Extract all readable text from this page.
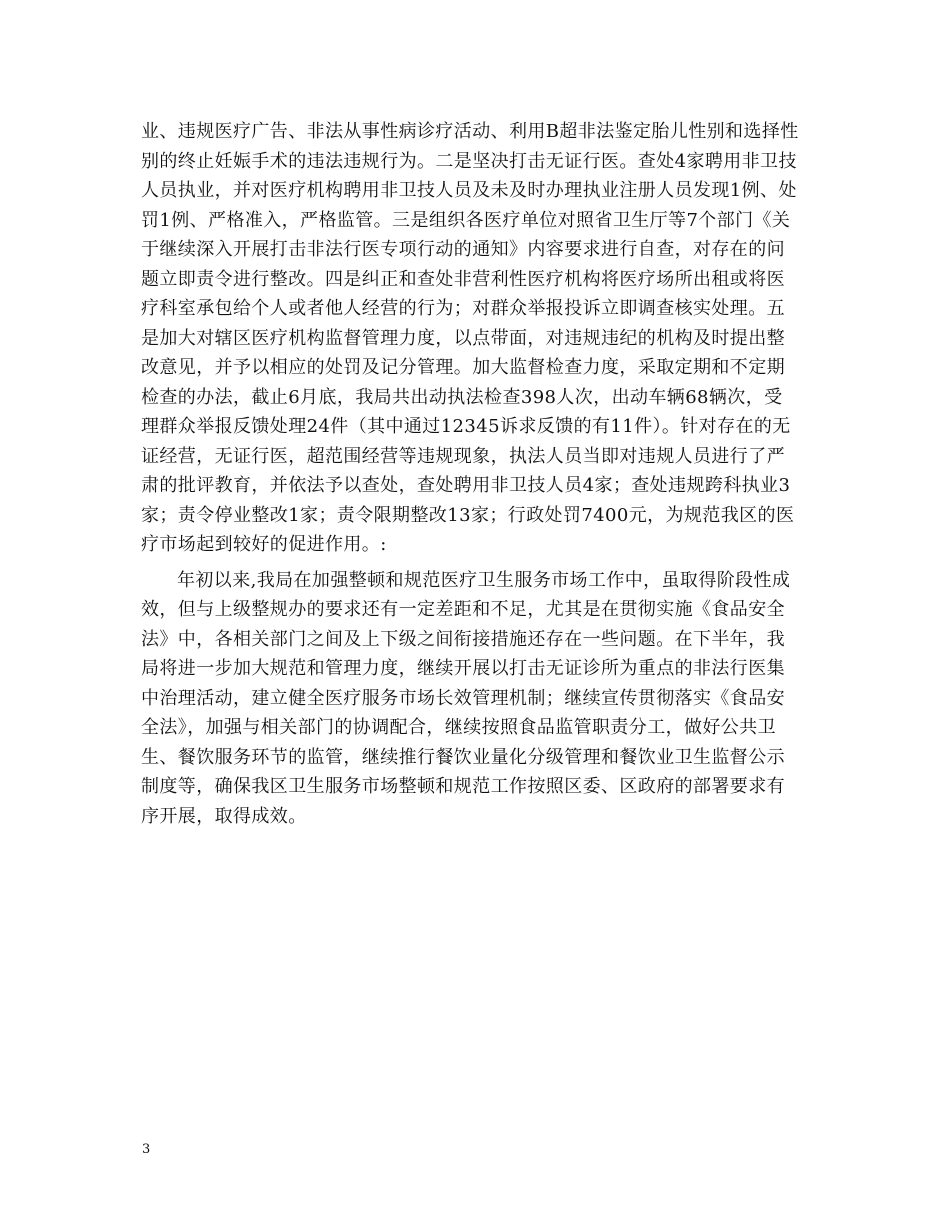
业、违规医疗广告、非法从事性病诊疗活动、利用B超非法鉴定胎儿性别和选择性
别的终止妊娠手术的违法违规行为。二是坚决打击无证行医。查处4家聘用非卫技
人员执业，并对医疗机构聘用非卫技人员及未及时办理执业注册人员发现1例、处
罚1例、严格准入，严格监管。三是组织各医疗单位对照省卫生厅等7个部门《关
于继续深入开展打击非法行医专项行动的通知》内容要求进行自查，对存在的问
题立即责令进行整改。四是纠正和查处非营利性医疗机构将医疗场所出租或将医
疗科室承包给个人或者他人经营的行为；对群众举报投诉立即调查核实处理。五
是加大对辖区医疗机构监督管理力度，以点带面，对违规违纪的机构及时提出整
改意见，并予以相应的处罚及记分管理。加大监督检查力度，采取定期和不定期
检查的办法，截止6月底，我局共出动执法检查398人次，出动车辆68辆次，受
理群众举报反馈处理24件（其中通过12345诉求反馈的有11件）。针对存在的无
证经营，无证行医，超范围经营等违规现象，执法人员当即对违规人员进行了严
肃的批评教育，并依法予以查处，查处聘用非卫技人员4家；查处违规跨科执业3
家；责令停业整改1家；责令限期整改13家；行政处罚7400元，为规范我区的医
疗市场起到较好的促进作用。:
年初以来,我局在加强整顿和规范医疗卫生服务市场工作中，虽取得阶段性成
效，但与上级整规办的要求还有一定差距和不足，尤其是在贯彻实施《食品安全
法》中，各相关部门之间及上下级之间衔接措施还存在一些问题。在下半年，我
局将进一步加大规范和管理力度，继续开展以打击无证诊所为重点的非法行医集
中治理活动，建立健全医疗服务市场长效管理机制；继续宣传贯彻落实《食品安
全法》，加强与相关部门的协调配合，继续按照食品监管职责分工，做好公共卫
生、餐饮服务环节的监管，继续推行餐饮业量化分级管理和餐饮业卫生监督公示
制度等，确保我区卫生服务市场整顿和规范工作按照区委、区政府的部署要求有
序开展，取得成效。
3
